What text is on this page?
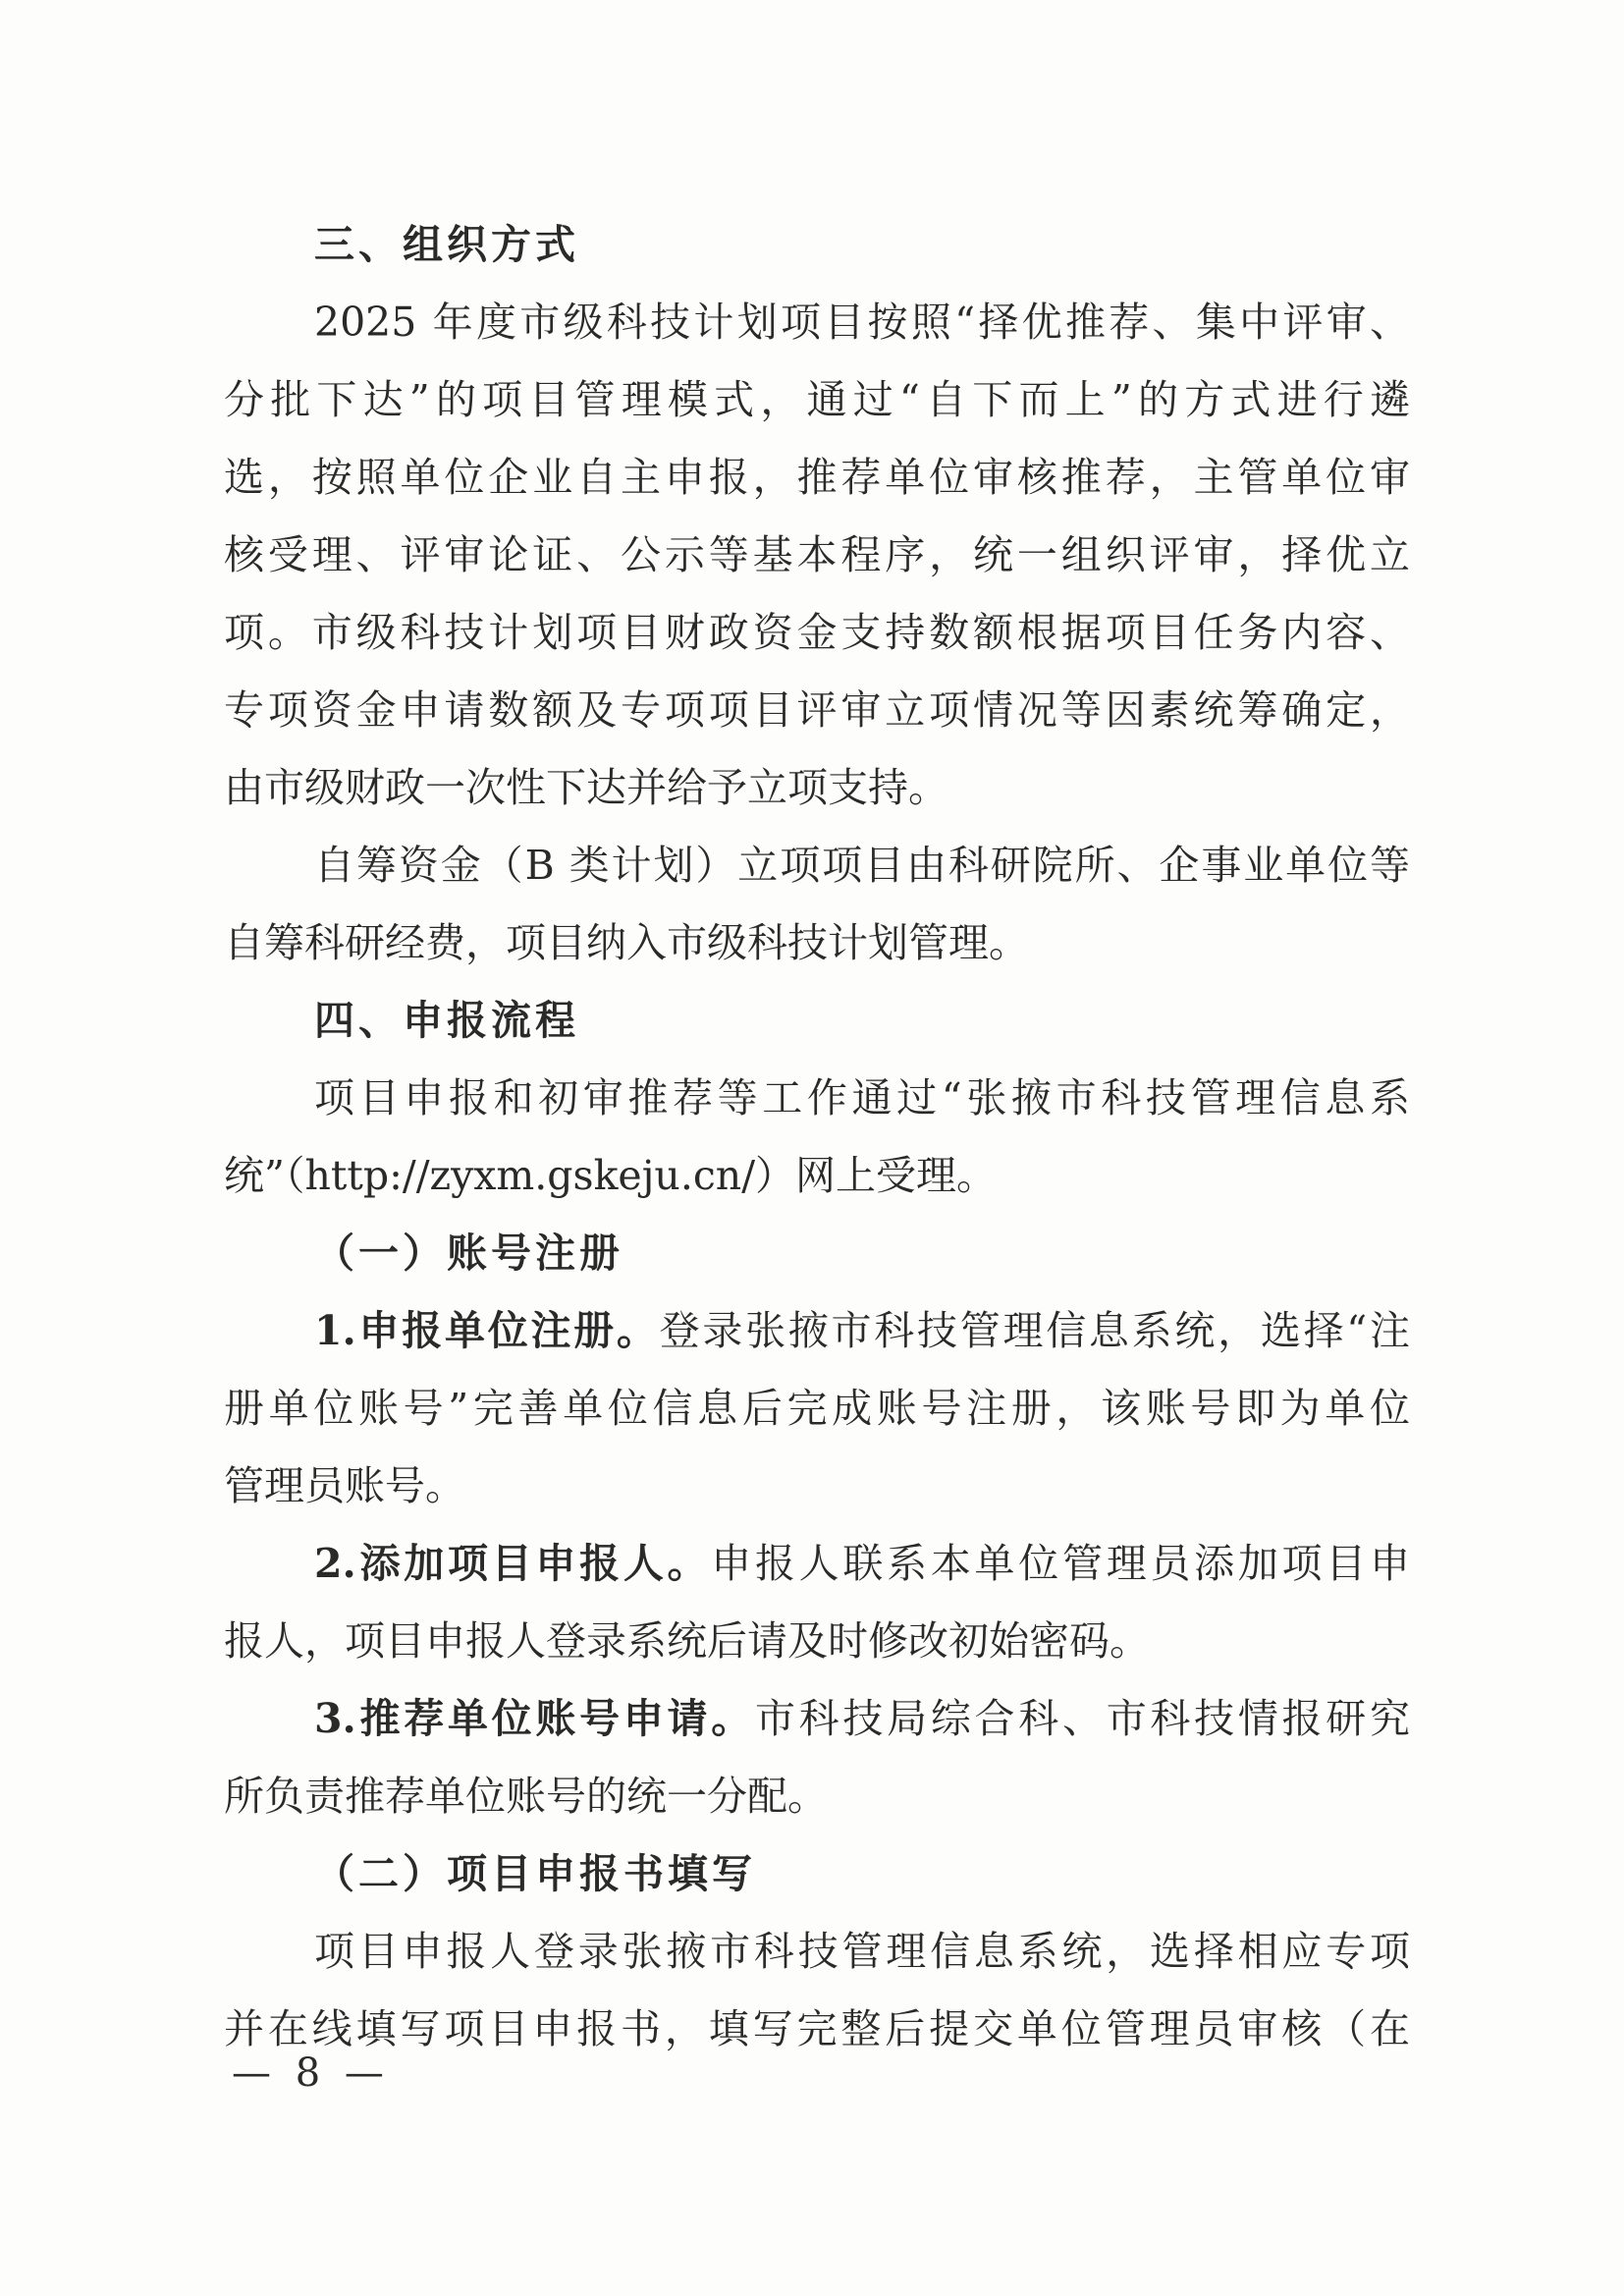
三、组织方式
2025 年度市级科技计划项目按照“择优推荐、集中评审、
分批下达”的项目管理模式，通过“自下而上”的方式进行遴
选，按照单位企业自主申报，推荐单位审核推荐，主管单位审
核受理、评审论证、公示等基本程序，统一组织评审，择优立
项。市级科技计划项目财政资金支持数额根据项目任务内容、
专项资金申请数额及专项项目评审立项情况等因素统筹确定，
由市级财政一次性下达并给予立项支持。
自筹资金（B 类计划）立项项目由科研院所、企事业单位等
自筹科研经费，项目纳入市级科技计划管理。
四、申报流程
项目申报和初审推荐等工作通过“张掖市科技管理信息系
统”（http://zyxm.gskeju.cn/）网上受理。
（一）账号注册
1.申报单位注册。登录张掖市科技管理信息系统，选择“注
册单位账号”完善单位信息后完成账号注册，该账号即为单位
管理员账号。
2.添加项目申报人。申报人联系本单位管理员添加项目申
报人，项目申报人登录系统后请及时修改初始密码。
3.推荐单位账号申请。市科技局综合科、市科技情报研究
所负责推荐单位账号的统一分配。
（二）项目申报书填写
项目申报人登录张掖市科技管理信息系统，选择相应专项
并在线填写项目申报书，填写完整后提交单位管理员审核（在
— 8 —
